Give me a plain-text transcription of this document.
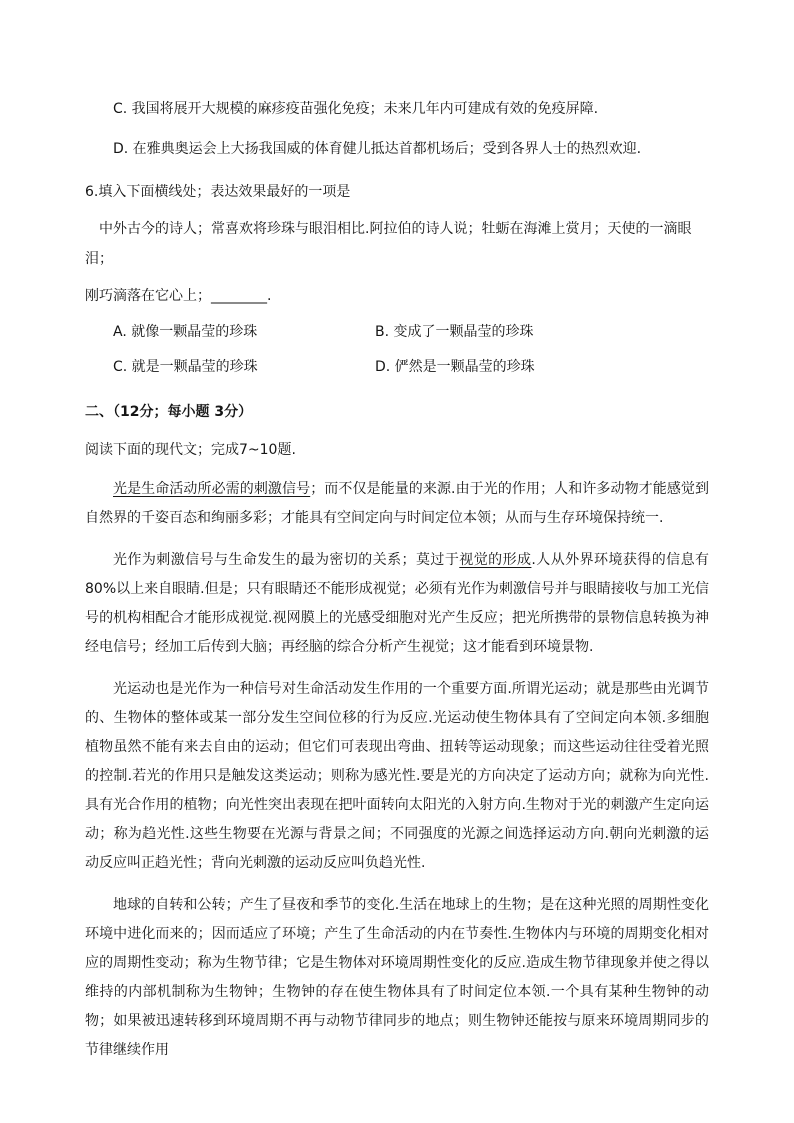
C. 我国将展开大规模的麻疹疫苗强化免疫；未来几年内可建成有效的免疫屏障.
D. 在雅典奥运会上大扬我国威的体育健儿抵达首都机场后；受到各界人士的热烈欢迎.
6.填入下面横线处；表达效果最好的一项是
中外古今的诗人；常喜欢将珍珠与眼泪相比.阿拉伯的诗人说；牡蛎在海滩上赏月；天使的一滴眼泪；
刚巧滴落在它心上；________.
A. 就像一颗晶莹的珍珠	B. 变成了一颗晶莹的珍珠
C. 就是一颗晶莹的珍珠	D. 俨然是一颗晶莹的珍珠
二、（12分；每小题 3分）
阅读下面的现代文；完成7~10题.

光是生命活动所必需的刺激信号；而不仅是能量的来源.由于光的作用；人和许多动物才能感觉到自然界的千姿百态和绚丽多彩；才能具有空间定向与时间定位本领；从而与生存环境保持统一.

光作为刺激信号与生命发生的最为密切的关系；莫过于视觉的形成.人从外界环境获得的信息有 80%以上来自眼睛.但是；只有眼睛还不能形成视觉；必须有光作为刺激信号并与眼睛接收与加工光信号的机构相配合才能形成视觉.视网膜上的光感受细胞对光产生反应；把光所携带的景物信息转换为神经电信号；经加工后传到大脑；再经脑的综合分析产生视觉；这才能看到环境景物.

光运动也是光作为一种信号对生命活动发生作用的一个重要方面.所谓光运动；就是那些由光调节的、生物体的整体或某一部分发生空间位移的行为反应.光运动使生物体具有了空间定向本领.多细胞植物虽然不能有来去自由的运动；但它们可表现出弯曲、扭转等运动现象；而这些运动往往受着光照的控制.若光的作用只是触发这类运动；则称为感光性.要是光的方向决定了运动方向；就称为向光性.具有光合作用的植物；向光性突出表现在把叶面转向太阳光的入射方向.生物对于光的刺激产生定向运动；称为趋光性.这些生物要在光源与背景之间；不同强度的光源之间选择运动方向.朝向光刺激的运动反应叫正趋光性；背向光刺激的运动反应叫负趋光性.

地球的自转和公转；产生了昼夜和季节的变化.生活在地球上的生物；是在这种光照的周期性变化环境中进化而来的；因而适应了环境；产生了生命活动的内在节奏性.生物体内与环境的周期变化相对应的周期性变动；称为生物节律；它是生物体对环境周期性变化的反应.造成生物节律现象并使之得以维持的内部机制称为生物钟；生物钟的存在使生物体具有了时间定位本领.一个具有某种生物钟的动物；如果被迅速转移到环境周期不再与动物节律同步的地点；则生物钟还能按与原来环境周期同步的节律继续作用
